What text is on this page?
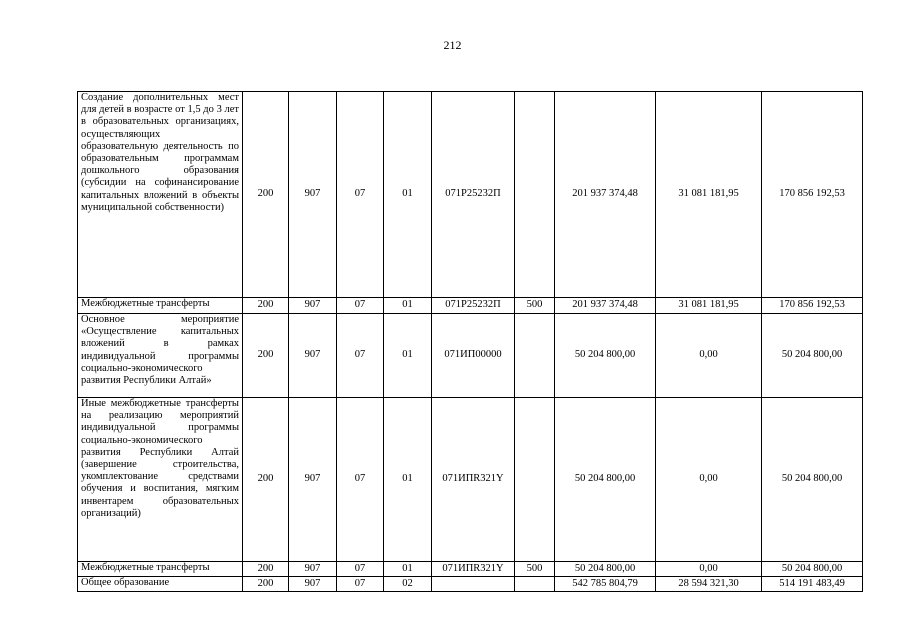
212
Создание дополнительных мест для детей в возрасте от 1,5 до 3 лет в образовательных организациях, осуществляющих образовательную деятельность по образовательным программам дошкольного образования (субсидии на софинансирование капитальных вложений в объекты муниципальной собственности)	200	907	07	01	071P25232П		201 937 374,48	31 081 181,95	170 856 192,53
Межбюджетные трансферты	200	907	07	01	071P25232П	500	201 937 374,48	31 081 181,95	170 856 192,53
Основное мероприятие «Осуществление капитальных вложений в рамках индивидуальной программы социально-экономического развития Республики Алтай»	200	907	07	01	071ИП00000		50 204 800,00	0,00	50 204 800,00
Иные межбюджетные трансферты на реализацию мероприятий индивидуальной программы социально-экономического развития Республики Алтай (завершение строительства, укомплектование средствами обучения и воспитания, мягким инвентарем образовательных организаций)	200	907	07	01	071ИПR321Y		50 204 800,00	0,00	50 204 800,00
Межбюджетные трансферты	200	907	07	01	071ИПR321Y	500	50 204 800,00	0,00	50 204 800,00
Общее образование	200	907	07	02			542 785 804,79	28 594 321,30	514 191 483,49
